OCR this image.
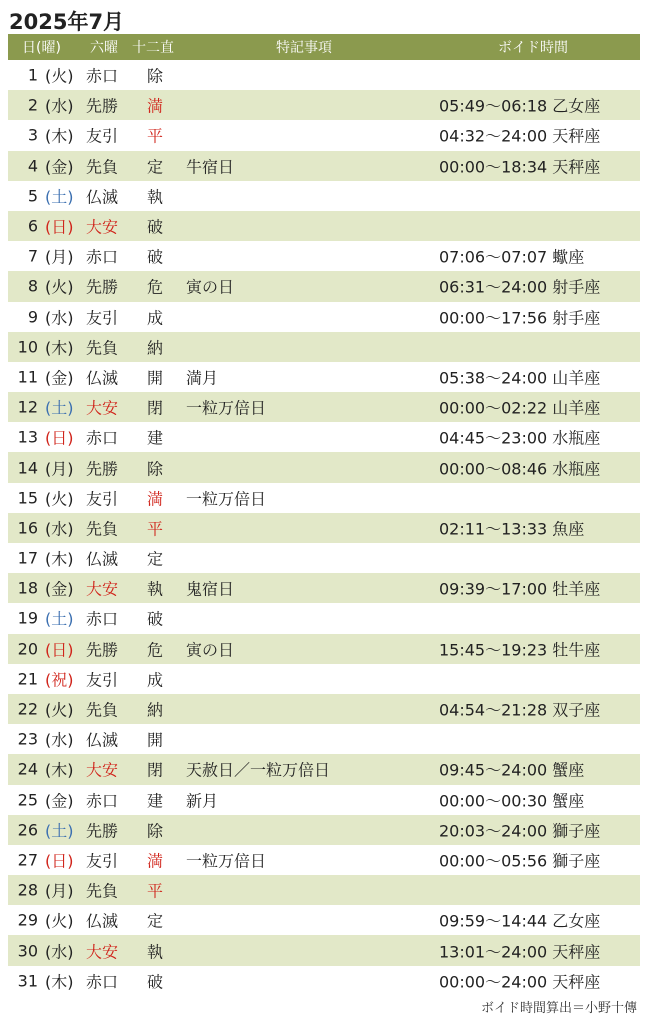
2025年7月
日(曜) 六曜 十二直	特記事項	ボイド時間
1 (火) 赤口 除
2 (水) 先勝 満	05:49〜06:18 乙女座
3 (木) 友引 平	04:32〜24:00 天秤座
4 (金) 先負 定 牛宿日	00:00〜18:34 天秤座
5 (土) 仏滅 執
6 (日) 大安 破
7 (月) 赤口 破	07:06〜07:07 蠍座
8 (火) 先勝 危 寅の日	06:31〜24:00 射手座
9 (水) 友引 成	00:00〜17:56 射手座
10 (木) 先負 納
11 (金) 仏滅 開 満月	05:38〜24:00 山羊座
12 (土) 大安 閉 一粒万倍日	00:00〜02:22 山羊座
13 (日) 赤口 建	04:45〜23:00 水瓶座
14 (月) 先勝 除	00:00〜08:46 水瓶座
15 (火) 友引 満 一粒万倍日
16 (水) 先負 平	02:11〜13:33 魚座
17 (木) 仏滅 定
18 (金) 大安 執 鬼宿日	09:39〜17:00 牡羊座
19 (土) 赤口 破
20 (日) 先勝 危 寅の日	15:45〜19:23 牡牛座
21 (祝) 友引 成
22 (火) 先負 納	04:54〜21:28 双子座
23 (水) 仏滅 開
24 (木) 大安 閉 天赦日／一粒万倍日	09:45〜24:00 蟹座
25 (金) 赤口 建 新月	00:00〜00:30 蟹座
26 (土) 先勝 除	20:03〜24:00 獅子座
27 (日) 友引 満 一粒万倍日	00:00〜05:56 獅子座
28 (月) 先負 平
29 (火) 仏滅 定	09:59〜14:44 乙女座
30 (水) 大安 執	13:01〜24:00 天秤座
31 (木) 赤口 破	00:00〜24:00 天秤座
ボイド時間算出＝小野十傳
